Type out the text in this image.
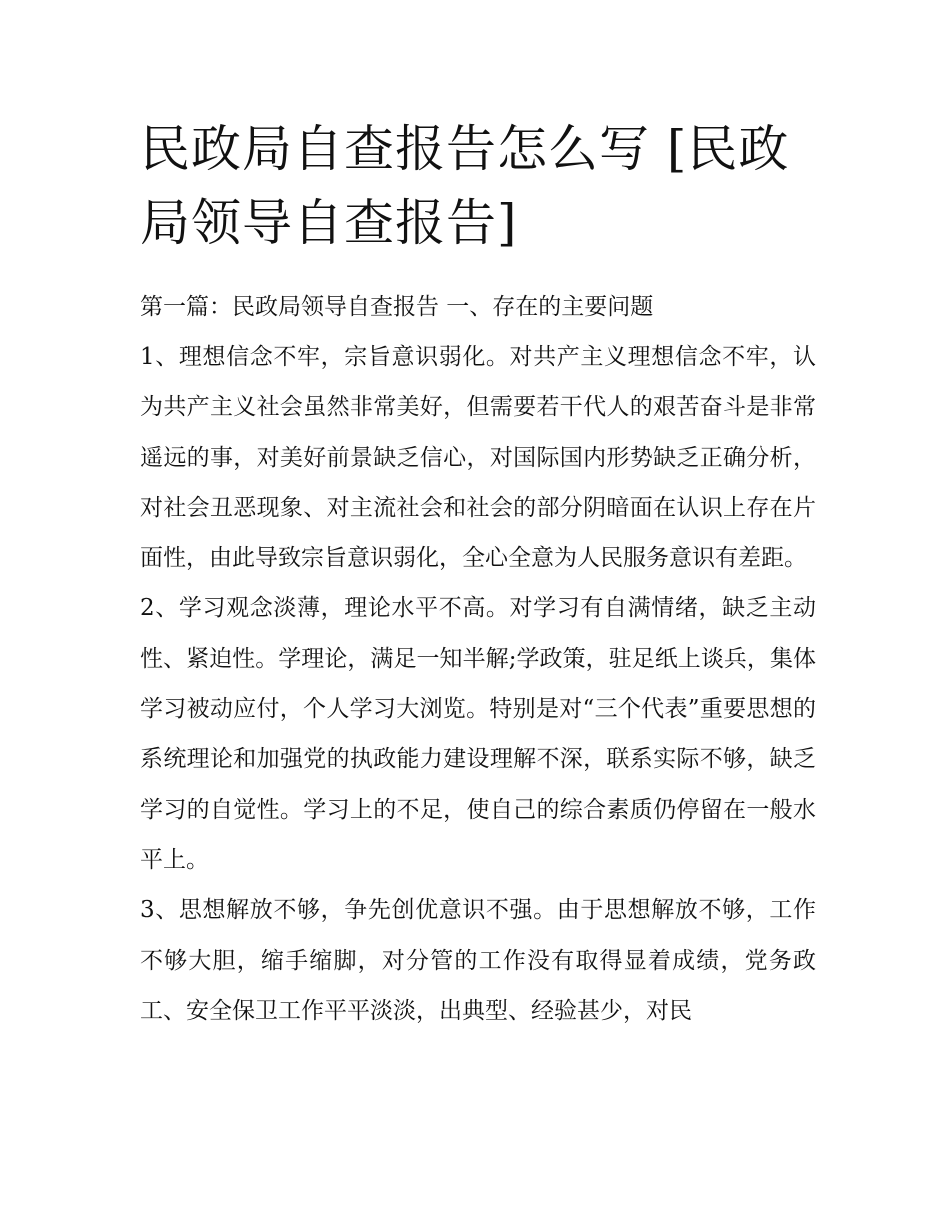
民政局自查报告怎么写 [民政局领导自查报告]

第一篇：民政局领导自查报告 一、存在的主要问题

1、理想信念不牢，宗旨意识弱化。对共产主义理想信念不牢，认为共产主义社会虽然非常美好，但需要若干代人的艰苦奋斗是非常遥远的事，对美好前景缺乏信心，对国际国内形势缺乏正确分析，对社会丑恶现象、对主流社会和社会的部分阴暗面在认识上存在片面性，由此导致宗旨意识弱化，全心全意为人民服务意识有差距。

2、学习观念淡薄，理论水平不高。对学习有自满情绪，缺乏主动性、紧迫性。学理论，满足一知半解;学政策，驻足纸上谈兵，集体学习被动应付，个人学习大浏览。特别是对“三个代表”重要思想的系统理论和加强党的执政能力建设理解不深，联系实际不够，缺乏学习的自觉性。学习上的不足，使自己的综合素质仍停留在一般水平上。

3、思想解放不够，争先创优意识不强。由于思想解放不够，工作不够大胆，缩手缩脚，对分管的工作没有取得显着成绩，党务政工、安全保卫工作平平淡淡，出典型、经验甚少，对民
